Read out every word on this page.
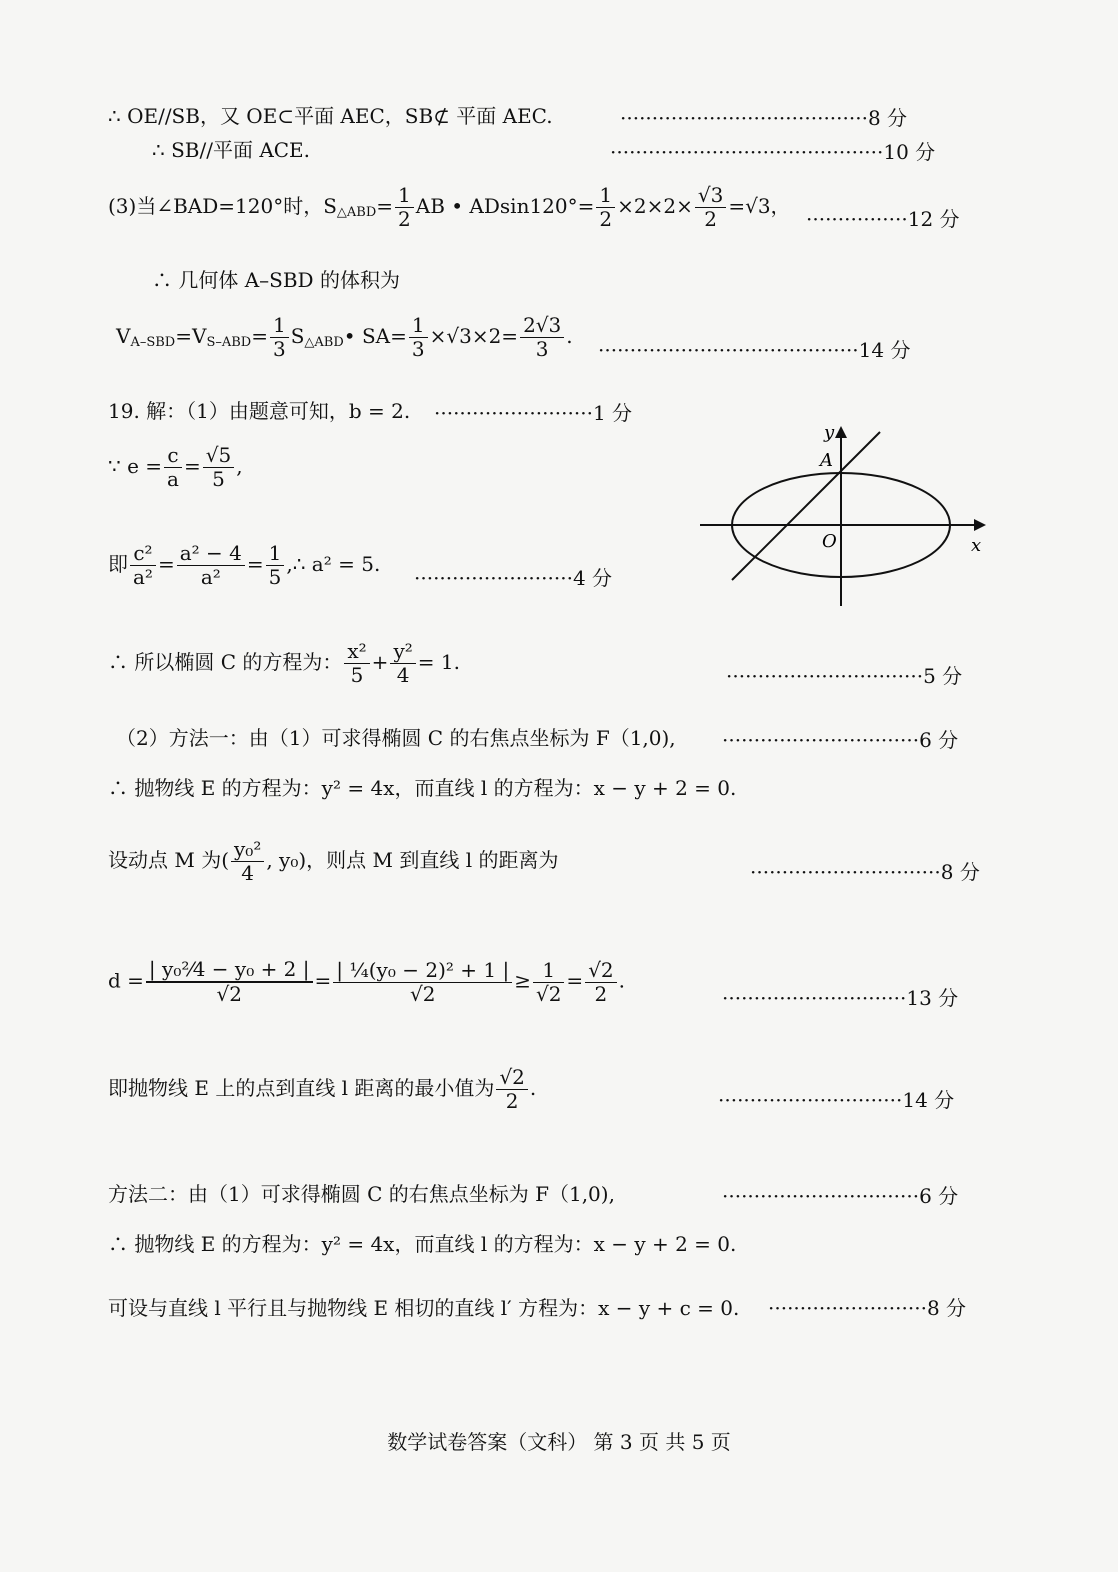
∴ OE//SB，又 OE⊂平面 AEC，SB⊄ 平面 AEC.	·······································8 分
∴ SB//平面 ACE.	···········································10 分
(3)当∠BAD=120°时，$S_{\triangle ABD}= \frac{1}{2}$ AB • $ADsin120^\circ= \frac{1}{2} \times 2\times 2\times \frac{√3}{2} =√3$，
················12 分
∴ 几何体 A–SBD 的体积为
$V_{A-SBD}=V_{S-ABD}= \frac{1}{3}$ $S_{\triangle ABD}•$ $SA= \frac{1}{3} \times√3\times 2= \frac{2√3}{3}$ .
·········································14 分
19. 解：（1）由题意可知，b = 2. ·························1 分
∵ $e = \frac{c}{a} = \frac{√5}{5}$ ,
即 $\frac{\text{c²}}{\text{a²}} = \frac{\text{a² − 4}}{\text{a²}} = \frac{1}{5}$ ,∴ a² = 5.
·························4 分
y
x
A
O
∴ 所以椭圆 C 的方程为： $\frac{\text{x²}}{5} + \frac{\text{y²}}{4} = 1$.
·······························5 分
（2）方法一：由（1）可求得椭圆 C 的右焦点坐标为 F（1,0), ·······························6 分
∴ 抛物线 E 的方程为：y² = 4x，而直线 l 的方程为：x − y + 2 = 0.
设动点 M 为( $\frac{\text{y₀²}}{4}$ , y₀)，则点 M 到直线 l 的距离为	······························8 分
$d = \frac{\text{| y₀²⁄4 − y₀ + 2 |}}{√2} = \frac{\text{| ¼(y₀ − 2)² + 1 |}}{√2} \ge \frac{1}{√2} = \frac{√2}{2}$ .
·····························13 分
即抛物线 E 上的点到直线 l 距离的最小值为 $\frac{√2}{2}$ .	·····························14 分
方法二：由（1）可求得椭圆 C 的右焦点坐标为 F（1,0),	·······························6 分
∴ 抛物线 E 的方程为：y² = 4x，而直线 l 的方程为：x − y + 2 = 0.
可设与直线 l 平行且与抛物线 E 相切的直线 l′ 方程为：x − y + c = 0. ·························8 分
数学试卷答案（文科） 第 3 页 共 5 页
